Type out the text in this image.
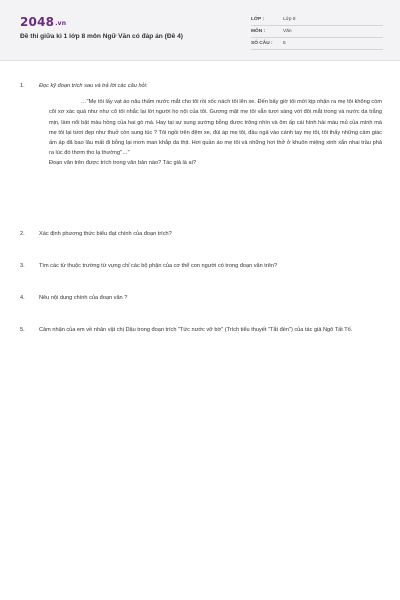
2048.vn
Đề thi giữa kì 1 lớp 8 môn Ngữ Văn có đáp án (Đề 4)
LỚP :	Lớp 8
MÔN :	Văn
SỐ CÂU :	5
1.	Đọc kỹ đoạn trích sau và trả lời các câu hỏi:
…"Mẹ tôi lấy vạt áo nâu thấm nước mắt cho tôi rồi xốc nách tôi lên xe. Đến bấy giờ tôi mới kịp nhận ra mẹ tôi không còm cõi xơ xác quá như như cô tôi nhắc lại lời người họ nội của tôi. Gương mặt mẹ tôi vẫn tươi sáng với đôi mắt trong và nước da trắng mịn, làm nổi bật màu hồng của hai gò má. Hay tại sự sung sướng bỗng được trông nhìn và ôm ấp cái hình hài máu mủ của mình mà mẹ tôi lại tươi đẹp như thuở còn sung túc ? Tôi ngồi trên đệm xe, đùi áp mẹ tôi, đầu ngả vào cánh tay mẹ tôi, tôi thấy những cảm giác ấm áp đã bao lâu mất đi bỗng lại mơn man khắp da thịt. Hơi quần áo mẹ tôi và những hơi thở ở khuôn miệng xinh xắn nhai trầu phả ra lúc đó thơm tho lạ thường"…"
Đoạn văn trên được trích trong văn bản nào? Tác giả là ai?
2.	Xác định phương thức biểu đạt chính của đoạn trích?
3.	Tìm các từ thuộc trường từ vựng chỉ các bộ phận của cơ thể con người có trong đoạn văn trên?
4.	Nêu nội dung chính của đoạn văn ?
5.	Cảm nhận của em về nhân vật chị Dậu trong đoạn trích "Tức nước vỡ bờ" (Trích tiểu thuyết "Tắt đèn") của tác giả Ngô Tất Tố.
